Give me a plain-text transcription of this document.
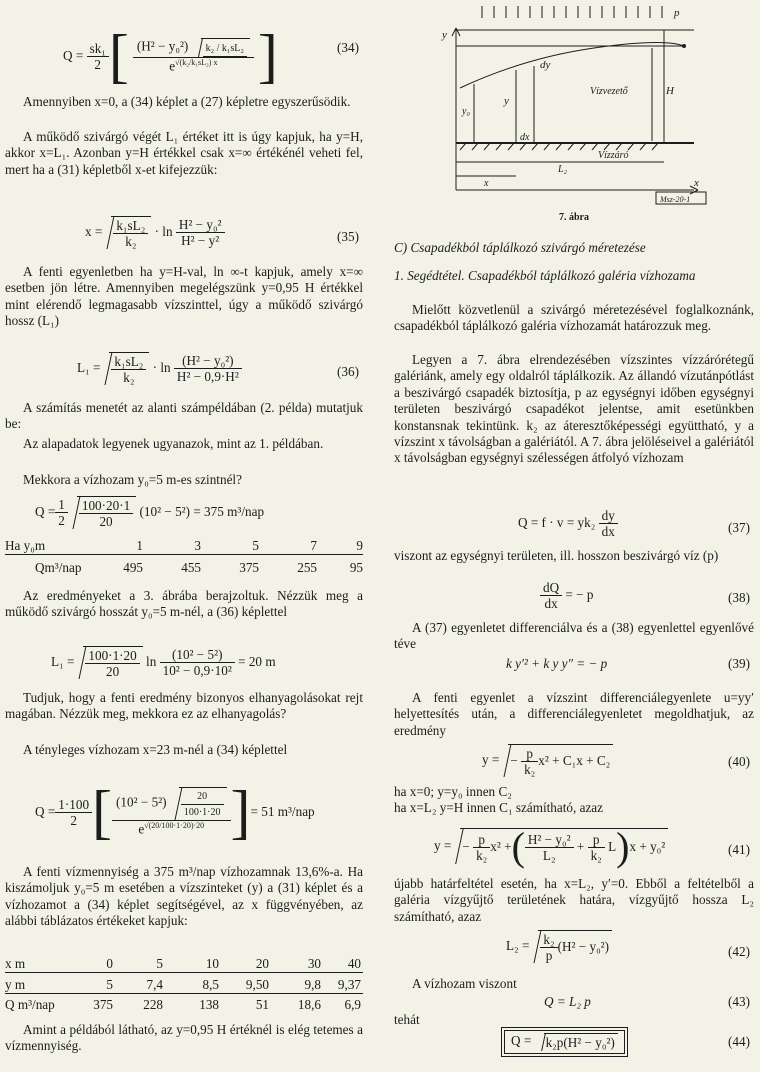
Q =
$\frac{\text{sk₁}}{2}$ [ (H² − y₀²)	k₂ / k₁sL₂
$e^{√(k_2/k_1sL_2) x}$ ]	(34)

Amennyiben x=0, a (34) képlet a (27) képletre egyszerűsödik.

A működő szivárgó végét L₁ értéket itt is úgy kapjuk, ha y=H, akkor x=L₁. Azonban y=H értékkel csak x=∞ értékénél veheti fel, mert ha a (31) képletből x-et kifejezzük:

$x = \frac{\text{k₁sL₂}}{\text{k₂}}$
· ln
$\frac{\text{H² − y₀²}}{\text{H² − y²}}$	(35)

A fenti egyenletben ha y=H-val, ln ∞-t kapjuk, amely x=∞ esetben jön létre. Amennyiben megelégszünk y=0,95 H értékkel mint elérendő legmagasabb vízszinttel, úgy a működő szivárgó hossz (L₁)

$L_1 = \frac{\text{k₁sL₂}}{\text{k₂}}$
· ln
$\frac{\text{(H² − y₀²)}}{\text{H² − 0,9·H²}}$	(36)

A számítás menetét az alanti számpéldában (2. példa) mutatjuk be:

Az alapadatok legyenek ugyanazok, mint az 1. példában.

Mekkora a vízhozam y₀=5 m-es szintnél?

$Q = \frac{1}{2} \frac{100\cdot 20\cdot 1}{20}$
(10² − 5²) = 375 m³/nap
Ha y₀m	1	3	5	7	9
Qm³/nap	495	455	375	255	95

Az eredményeket a 3. ábrába berajzoltuk. Nézzük meg a működő szivárgó hosszát y₀=5 m-nél, a (36) képlettel

$L_1 = \frac{100\cdot 1\cdot 20}{20}$
ln
$\frac{\text{(10² − 5²)}}{\text{10² − 0,9·10²}}$
= 20 m

Tudjuk, hogy a fenti eredmény bizonyos elhanyagolásokat rejt magában. Nézzük meg, mekkora ez az elhanyagolás?

A tényleges vízhozam x=23 m-nél a (34) képlettel

$Q = \frac{1\cdot 100}{2}$ [ $\frac{(10^2 - 5^2) \frac{20}{100\cdot 1\cdot 20}}{e^{√(20/100\cdot 1\cdot 20)\cdot 20}}$ ] = 51 m³/nap

A fenti vízmennyiség a 375 m³/nap vízhozamnak 13,6%-a. Ha kiszámoljuk y₀=5 m esetében a vízszinteket (y) a (31) képlet és a vízhozamot a (34) képlet segítségével, az x függvényében, az alábbi táblázatos értékeket kapjuk:

x m	0	5	10	20	30	40
y m	5	7,4	8,5	9,50	9,8	9,37
Q m³/nap	375	228	138	51	18,6	6,9

Amint a példából látható, az y=0,95 H értéknél is elég tetemes a vízmennyiség.

y
p
dy
Vízvezető	H
y₀
y
dx
Vízzáró
L₂
x	x
Msz-20-1
7. ábra

C) Csapadékból táplálkozó szivárgó méretezése

1. Segédtétel. Csapadékból táplálkozó galéria vízhozama

Mielőtt közvetlenül a szivárgó méretezésével foglalkoznánk, csapadékból táplálkozó galéria vízhozamát határozzuk meg.

Legyen a 7. ábra elrendezésében vízszintes vízzárórétegű galériánk, amely egy oldalról táplálkozik. Az állandó vízutánpótlást a beszivárgó csapadék biztosítja, p az egységnyi időben egységnyi területen beszivárgó csapadékot jelentse, amit esetünkben konstansnak tekintünk. k₂ az áteresztőképességi együttható, y a vízszint x távolságban a galériától. A 7. ábra jelöléseivel a galériától x távolságban egységnyi szélességen átfolyó vízhozam

Q = f · v = yk₂
$\frac{dy}{dx}$	(37)

viszont az egységnyi területen, ill. hosszon beszivárgó víz (p)

$\frac{dQ}{dx}$
= − p	(38)

A (37) egyenletet differenciálva és a (38) egyenlettel egyenlővé téve

k y′² + k y y″ = − p	(39)

A fenti egyenlet a vízszint differenciálegyenlete u=yy′ helyettesítés után, a differenciálegyenletet megoldhatjuk, az eredmény

y = −
$\frac{p}{\text{k₂}} x^2 + C_1x + C_2$	(40)

ha x=0; y=y₀ innen C₂

ha x=L₂ y=H innen C₁ számítható, azaz

y = − $\frac{p}{\text{k₂}} x^2$ + ( $\frac{\text{H² − y₀²}}{\text{L₂}} + \frac{p}{\text{k₂}}$ L ) x + y₀²	(41)

újabb határfeltétel esetén, ha x=L₂, y′=0. Ebből a feltételből a galéria vízgyűjtő területének határa, vízgyűjtő hossza L₂ számítható, azaz

$L_2 = \frac{\text{k₂}}{p} (H^2 - y_0^2)$	(42)

A vízhozam viszont

Q = L₂ p	(43)

tehát

Q = k₂p(H² − y₀²)	(44)
